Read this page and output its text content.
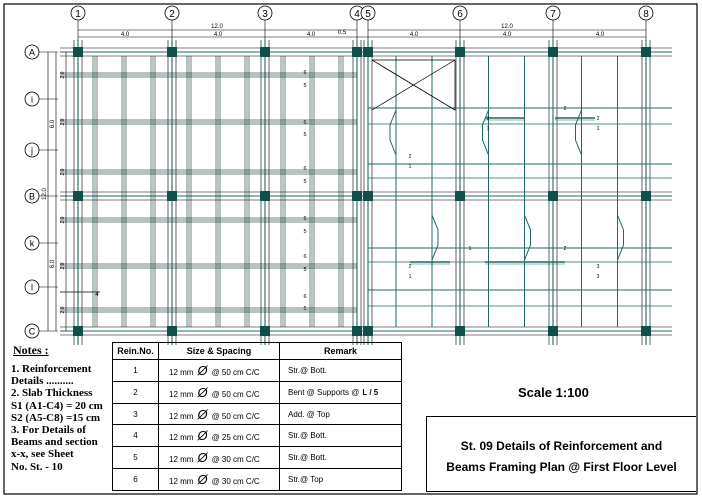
6
5
6
5
6
5
6
5
6
5
6
5
4
2
1
2
1
2
1
2
1
3
3
2
1	2
1	2	3	4 5	6	7	8
A
i
j
B
k
l
C
12.0
4.0	4.0	4.0	0.5
12.0
4.0	4.0	4.0
12.0
6.0
6.0
2.0
2.0
2.0
2.0
2.0
2.0
Notes :
1. Reinforcement
Details ..........
2. Slab Thickness
S1 (A1-C4) = 20 cm
S2 (A5-C8) =15 cm
3. For Details of
Beams and section
x-x, see Sheet
No. St. - 10
Rein.No.	Size & Spacing	Remark
1	12 mm Ø @ 50 cm C/C	Str.@ Bott.
2	12 mm Ø @ 50 cm C/C	Bent @ Supports @ L / 5
3	12 mm Ø @ 50 cm C/C	Add. @ Top
4	12 mm Ø @ 25 cm C/C	Str.@ Bott.
5	12 mm Ø @ 30 cm C/C	Str.@ Bott.
6	12 mm Ø @ 30 cm C/C	Str.@ Top
Scale 1:100
St. 09 Details of Reinforcement and
Beams Framing Plan @ First Floor Level
